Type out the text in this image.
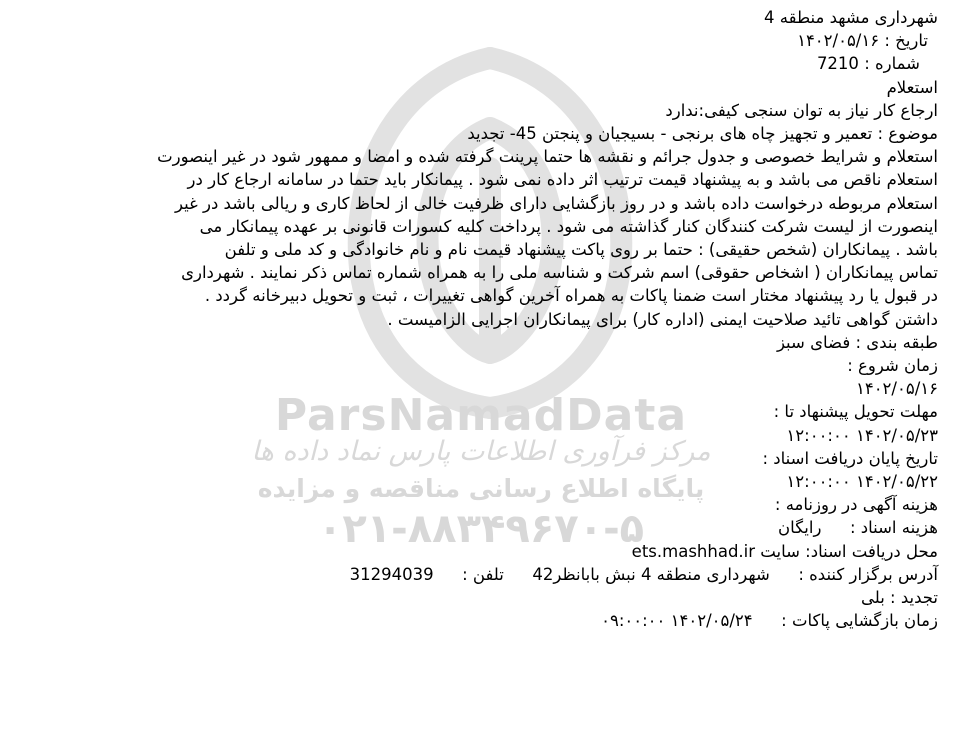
ParsNamadData
مرکز فرآوری اطلاعات پارس نماد داده ها
پایگاه اطلاع رسانی مناقصه و مزایده
۰۲۱-۸۸۳۴۹۶۷۰-۵
شهرداری مشهد منطقه 4
تاریخ : ۱۴۰۲/۰۵/۱۶
شماره : 7210
استعلام
ارجاع کار نیاز به توان سنجی کیفی:ندارد
موضوع : تعمیر و تجهیز چاه های برنجی - بسیجیان و پنجتن 45- تجدید
استعلام و شرایط خصوصی و جدول جرائم و نقشه ها حتما پرینت گرفته شده و امضا و ممهور شود در غیر اینصورت
استعلام ناقص می باشد و به پیشنهاد قیمت ترتیب اثر داده نمی شود . پیمانکار باید حتما در سامانه ارجاع کار در
استعلام مربوطه درخواست داده باشد و در روز بازگشایی دارای ظرفیت خالی از لحاظ کاری و ریالی باشد در غیر
اینصورت از لیست شرکت کنندگان کنار گذاشته می شود . پرداخت کلیه کسورات قانونی بر عهده پیمانکار می
باشد . پیمانکاران (شخص حقیقی) : حتما بر روی پاکت پیشنهاد قیمت نام و نام خانوادگی و کد ملی و تلفن
تماس پیمانکاران ( اشخاص حقوقی) اسم شرکت و شناسه ملی را به همراه شماره تماس ذکر نمایند . شهرداری
در قبول یا رد پیشنهاد مختار است ضمنا پاکات به همراه آخرین گواهی تغییرات ، ثبت و تحویل دبیرخانه گردد .
داشتن گواهی تائید صلاحیت ایمنی (اداره کار) برای پیمانکاران اجرایی الزامیست .
طبقه بندی : فضای سبز
زمان شروع :
۱۴۰۲/۰۵/۱۶
مهلت تحویل پیشنهاد تا :
۱۴۰۲/۰۵/۲۳ ۱۲:۰۰:۰۰
تاریخ پایان دریافت اسناد :
۱۴۰۲/۰۵/۲۲ ۱۲:۰۰:۰۰
هزینه آگهی در روزنامه :
هزینه اسناد :  رایگان
محل دریافت اسناد: سایت ets.mashhad.ir
آدرس برگزار کننده :  شهرداری منطقه 4 نبش بابانظر42  تلفن :  31294039
تجدید : بلی
زمان بازگشایی پاکات :  ۱۴۰۲/۰۵/۲۴ ۰۹:۰۰:۰۰
